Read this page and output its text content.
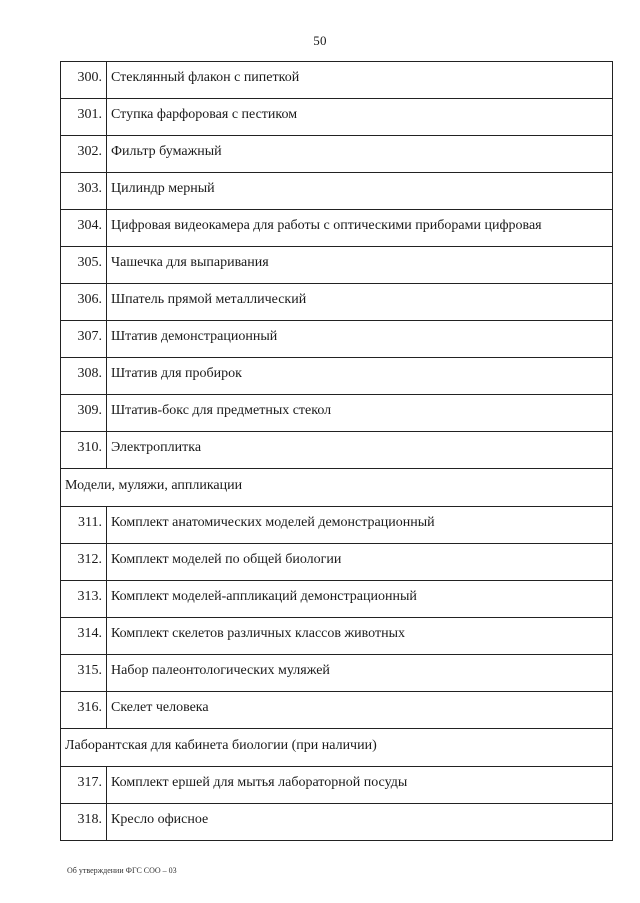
50
300. Стеклянный флакон с пипеткой
301. Ступка фарфоровая с пестиком
302. Фильтр бумажный
303. Цилиндр мерный
304. Цифровая видеокамера для работы с оптическими приборами цифровая
305. Чашечка для выпаривания
306. Шпатель прямой металлический
307. Штатив демонстрационный
308. Штатив для пробирок
309. Штатив-бокс для предметных стекол
310. Электроплитка
Модели, муляжи, аппликации
311. Комплект анатомических моделей демонстрационный
312. Комплект моделей по общей биологии
313. Комплект моделей-аппликаций демонстрационный
314. Комплект скелетов различных классов животных
315. Набор палеонтологических муляжей
316. Скелет человека
Лаборантская для кабинета биологии (при наличии)
317. Комплект ершей для мытья лабораторной посуды
318. Кресло офисное
Об утверждении ФГС СОО – 03
